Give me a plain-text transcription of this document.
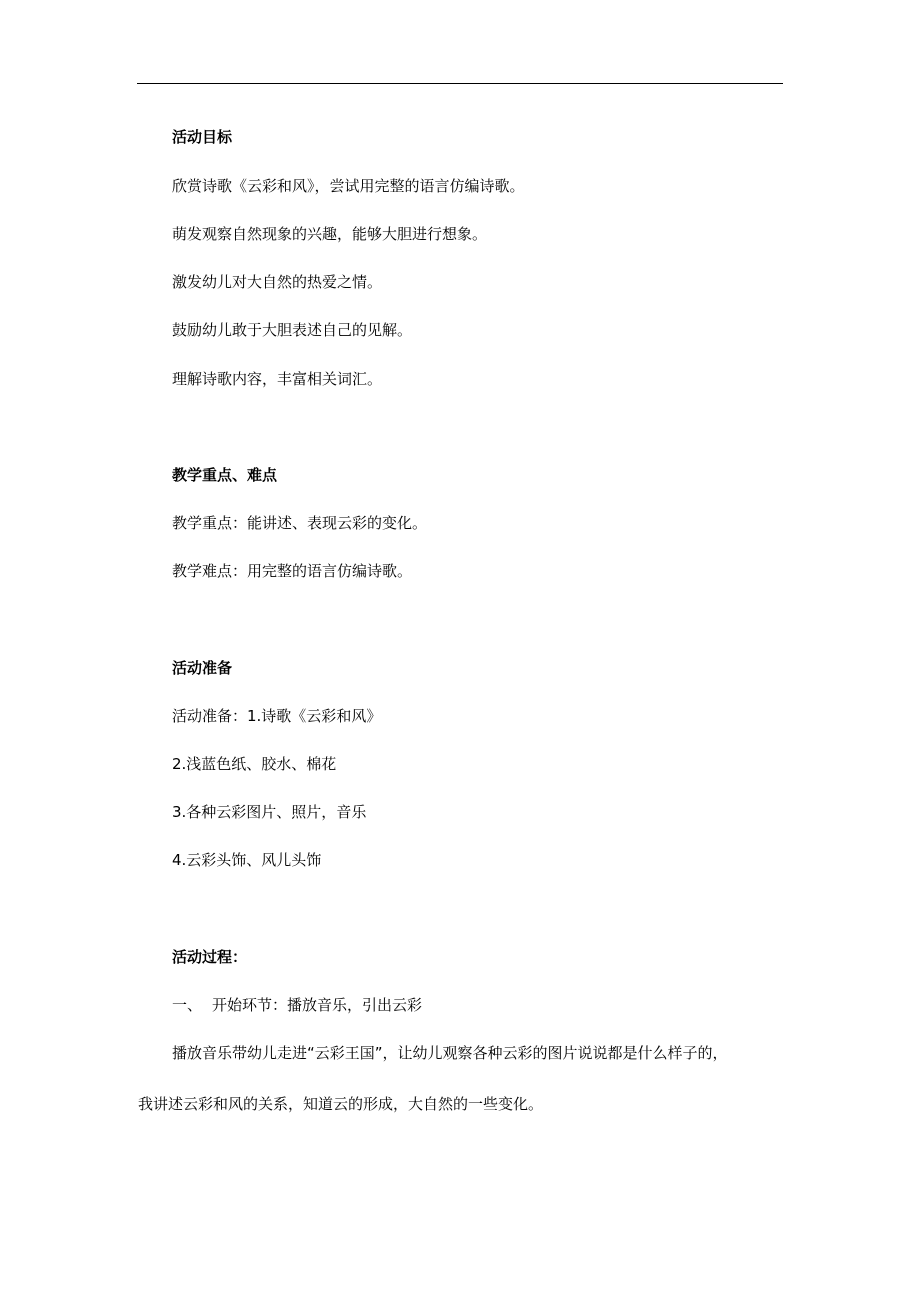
活动目标
欣赏诗歌《云彩和风》，尝试用完整的语言仿编诗歌。
萌发观察自然现象的兴趣，能够大胆进行想象。
激发幼儿对大自然的热爱之情。
鼓励幼儿敢于大胆表述自己的见解。
理解诗歌内容，丰富相关词汇。
教学重点、难点
教学重点：能讲述、表现云彩的变化。
教学难点：用完整的语言仿编诗歌。
活动准备
活动准备：1.诗歌《云彩和风》
2.浅蓝色纸、胶水、棉花
3.各种云彩图片、照片，音乐
4.云彩头饰、风儿头饰
活动过程：
一、 开始环节：播放音乐，引出云彩
播放音乐带幼儿走进“云彩王国”，让幼儿观察各种云彩的图片说说都是什么样子的，
我讲述云彩和风的关系，知道云的形成，大自然的一些变化。
